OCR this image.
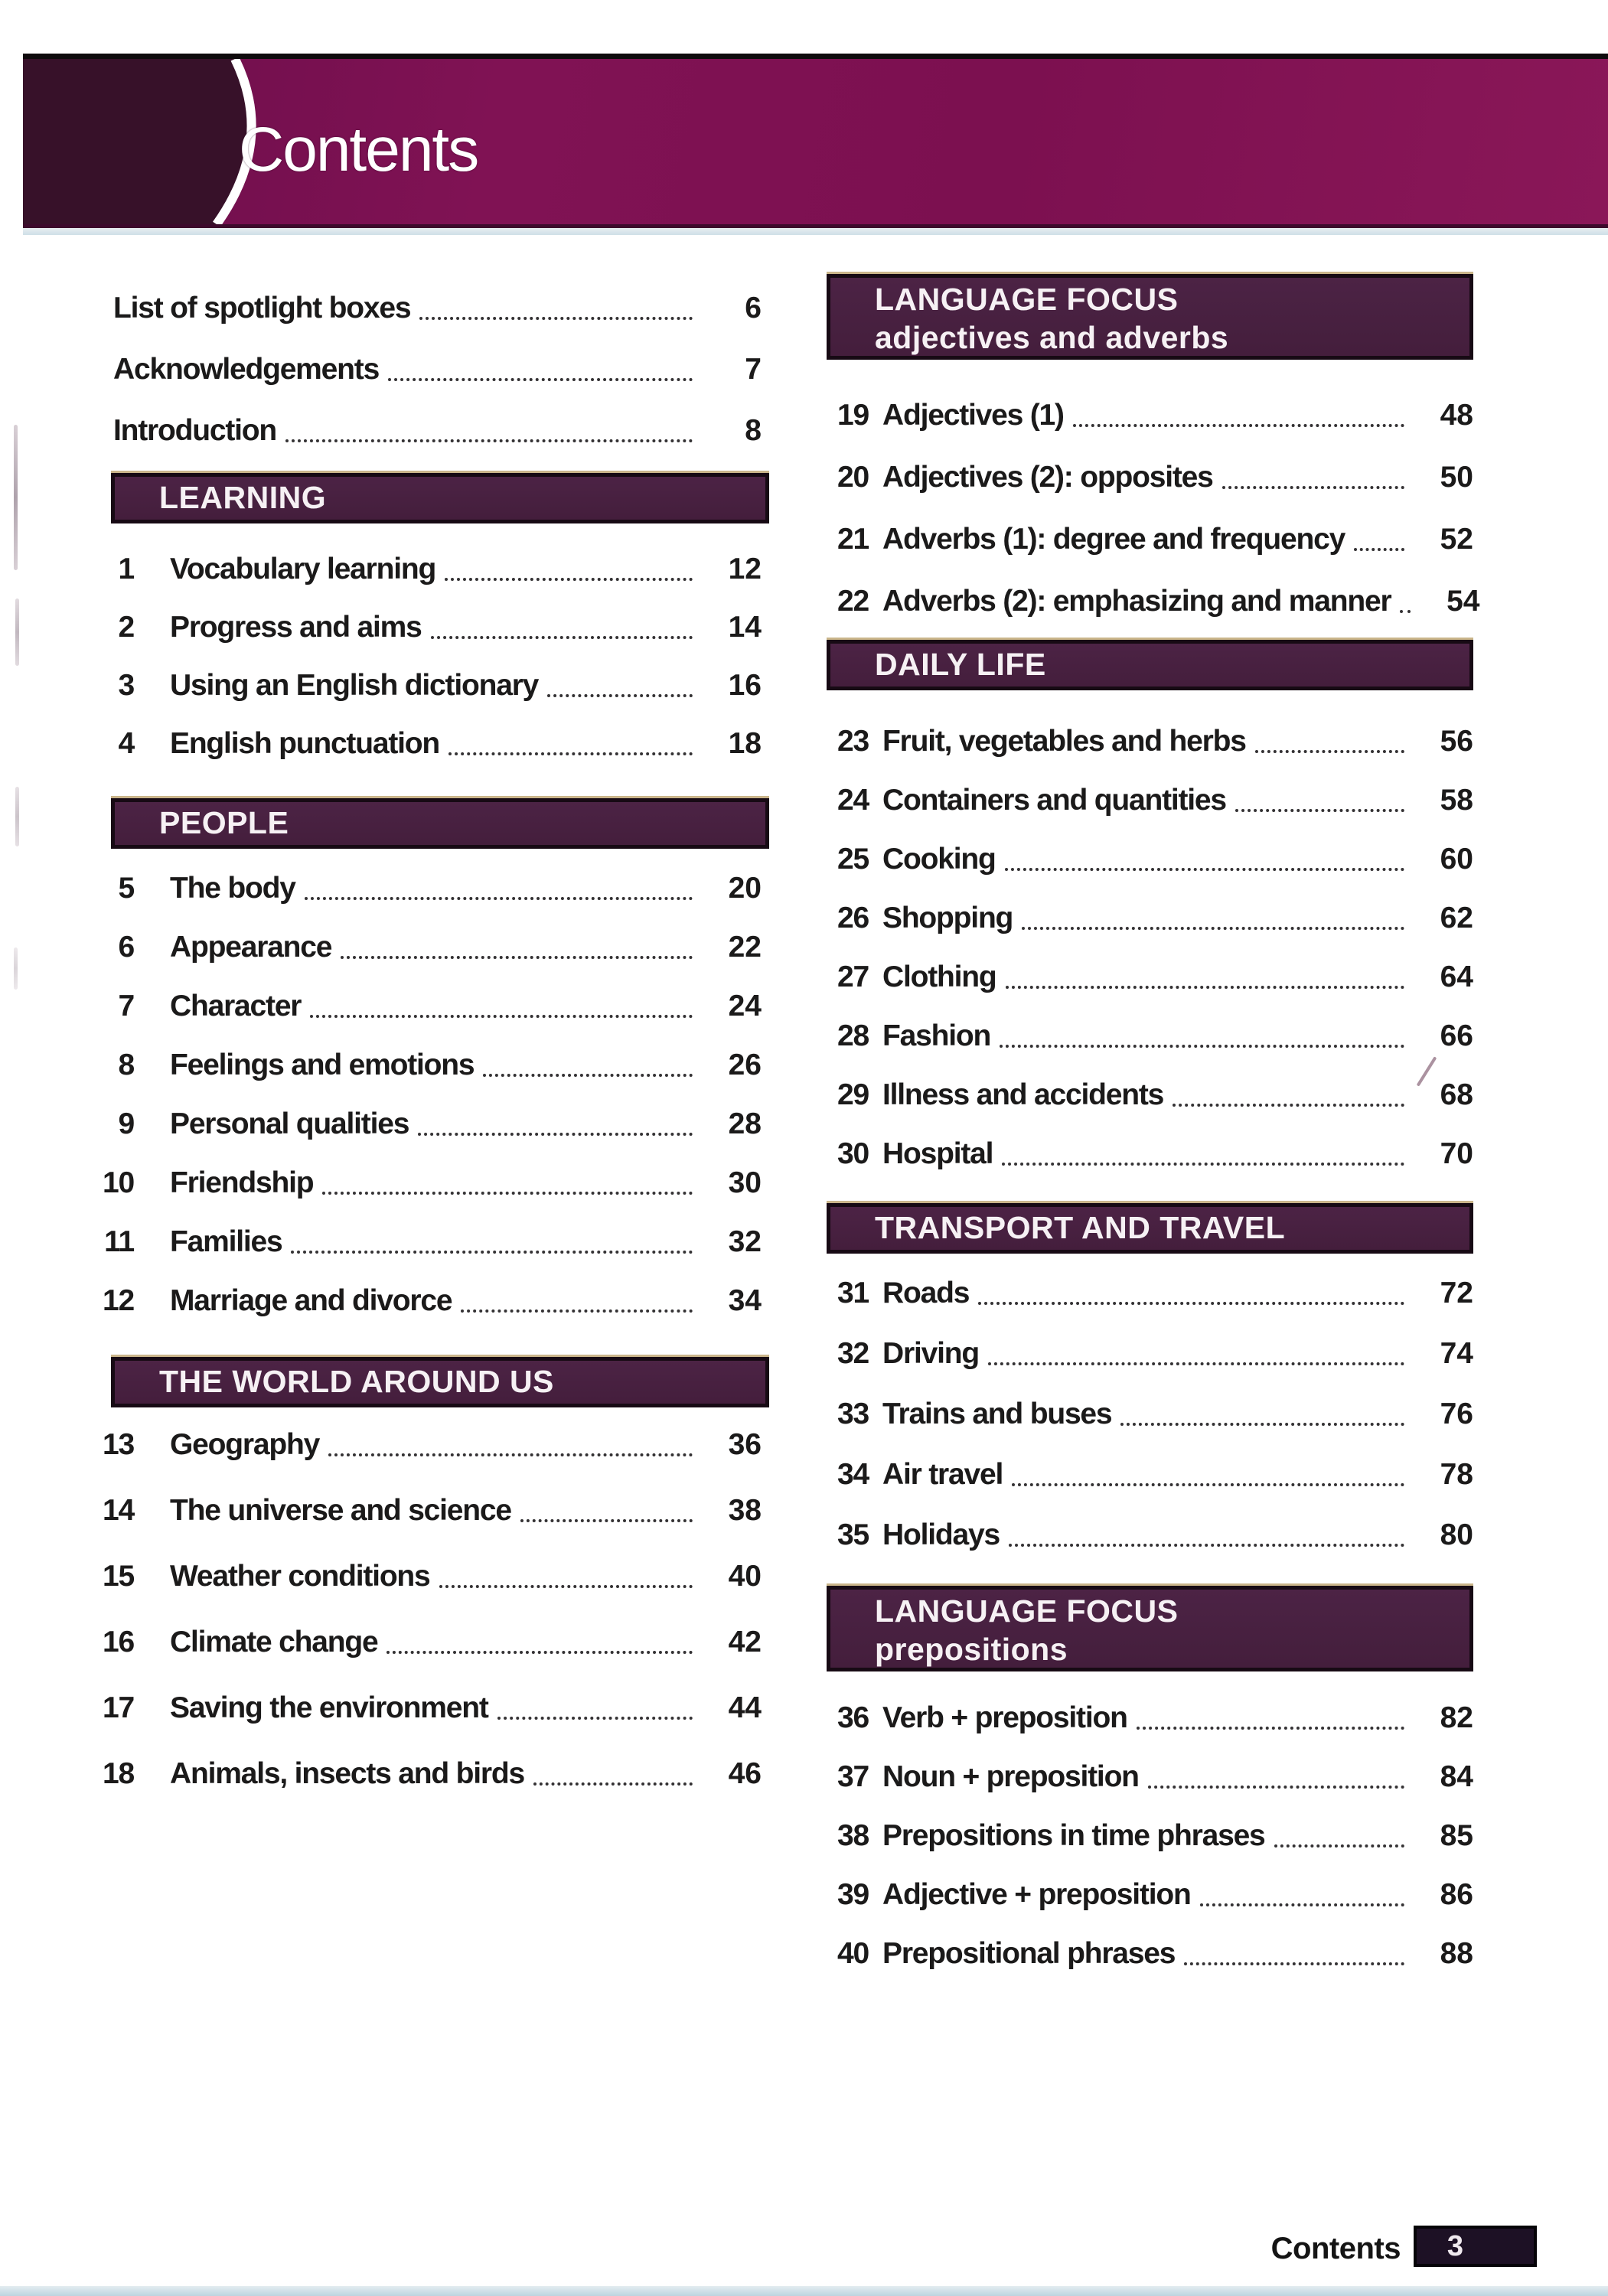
Contents
List of spotlight boxes	6
Acknowledgements	7
Introduction	8
LEARNING
1 Vocabulary learning	12
2 Progress and aims	14
3 Using an English dictionary	16
4 English punctuation	18
PEOPLE
5 The body	20
6 Appearance	22
7 Character	24
8 Feelings and emotions	26
9 Personal qualities	28
10 Friendship	30
11 Families	32
12 Marriage and divorce	34
THE WORLD AROUND US
13 Geography	36
14 The universe and science	38
15 Weather conditions	40
16 Climate change	42
17 Saving the environment	44
18 Animals, insects and birds	46
LANGUAGE FOCUS
adjectives and adverbs
19 Adjectives (1)	48
20 Adjectives (2): opposites	50
21 Adverbs (1): degree and frequency	52
22 Adverbs (2): emphasizing and manner	54
DAILY LIFE
23 Fruit, vegetables and herbs	56
24 Containers and quantities	58
25 Cooking	60
26 Shopping	62
27 Clothing	64
28 Fashion	66
29 Illness and accidents	68
30 Hospital	70
TRANSPORT AND TRAVEL
31 Roads	72
32 Driving	74
33 Trains and buses	76
34 Air travel	78
35 Holidays	80
LANGUAGE FOCUS
prepositions
36 Verb + preposition	82
37 Noun + preposition	84
38 Prepositions in time phrases	85
39 Adjective + preposition	86
40 Prepositional phrases	88
Contents	3
